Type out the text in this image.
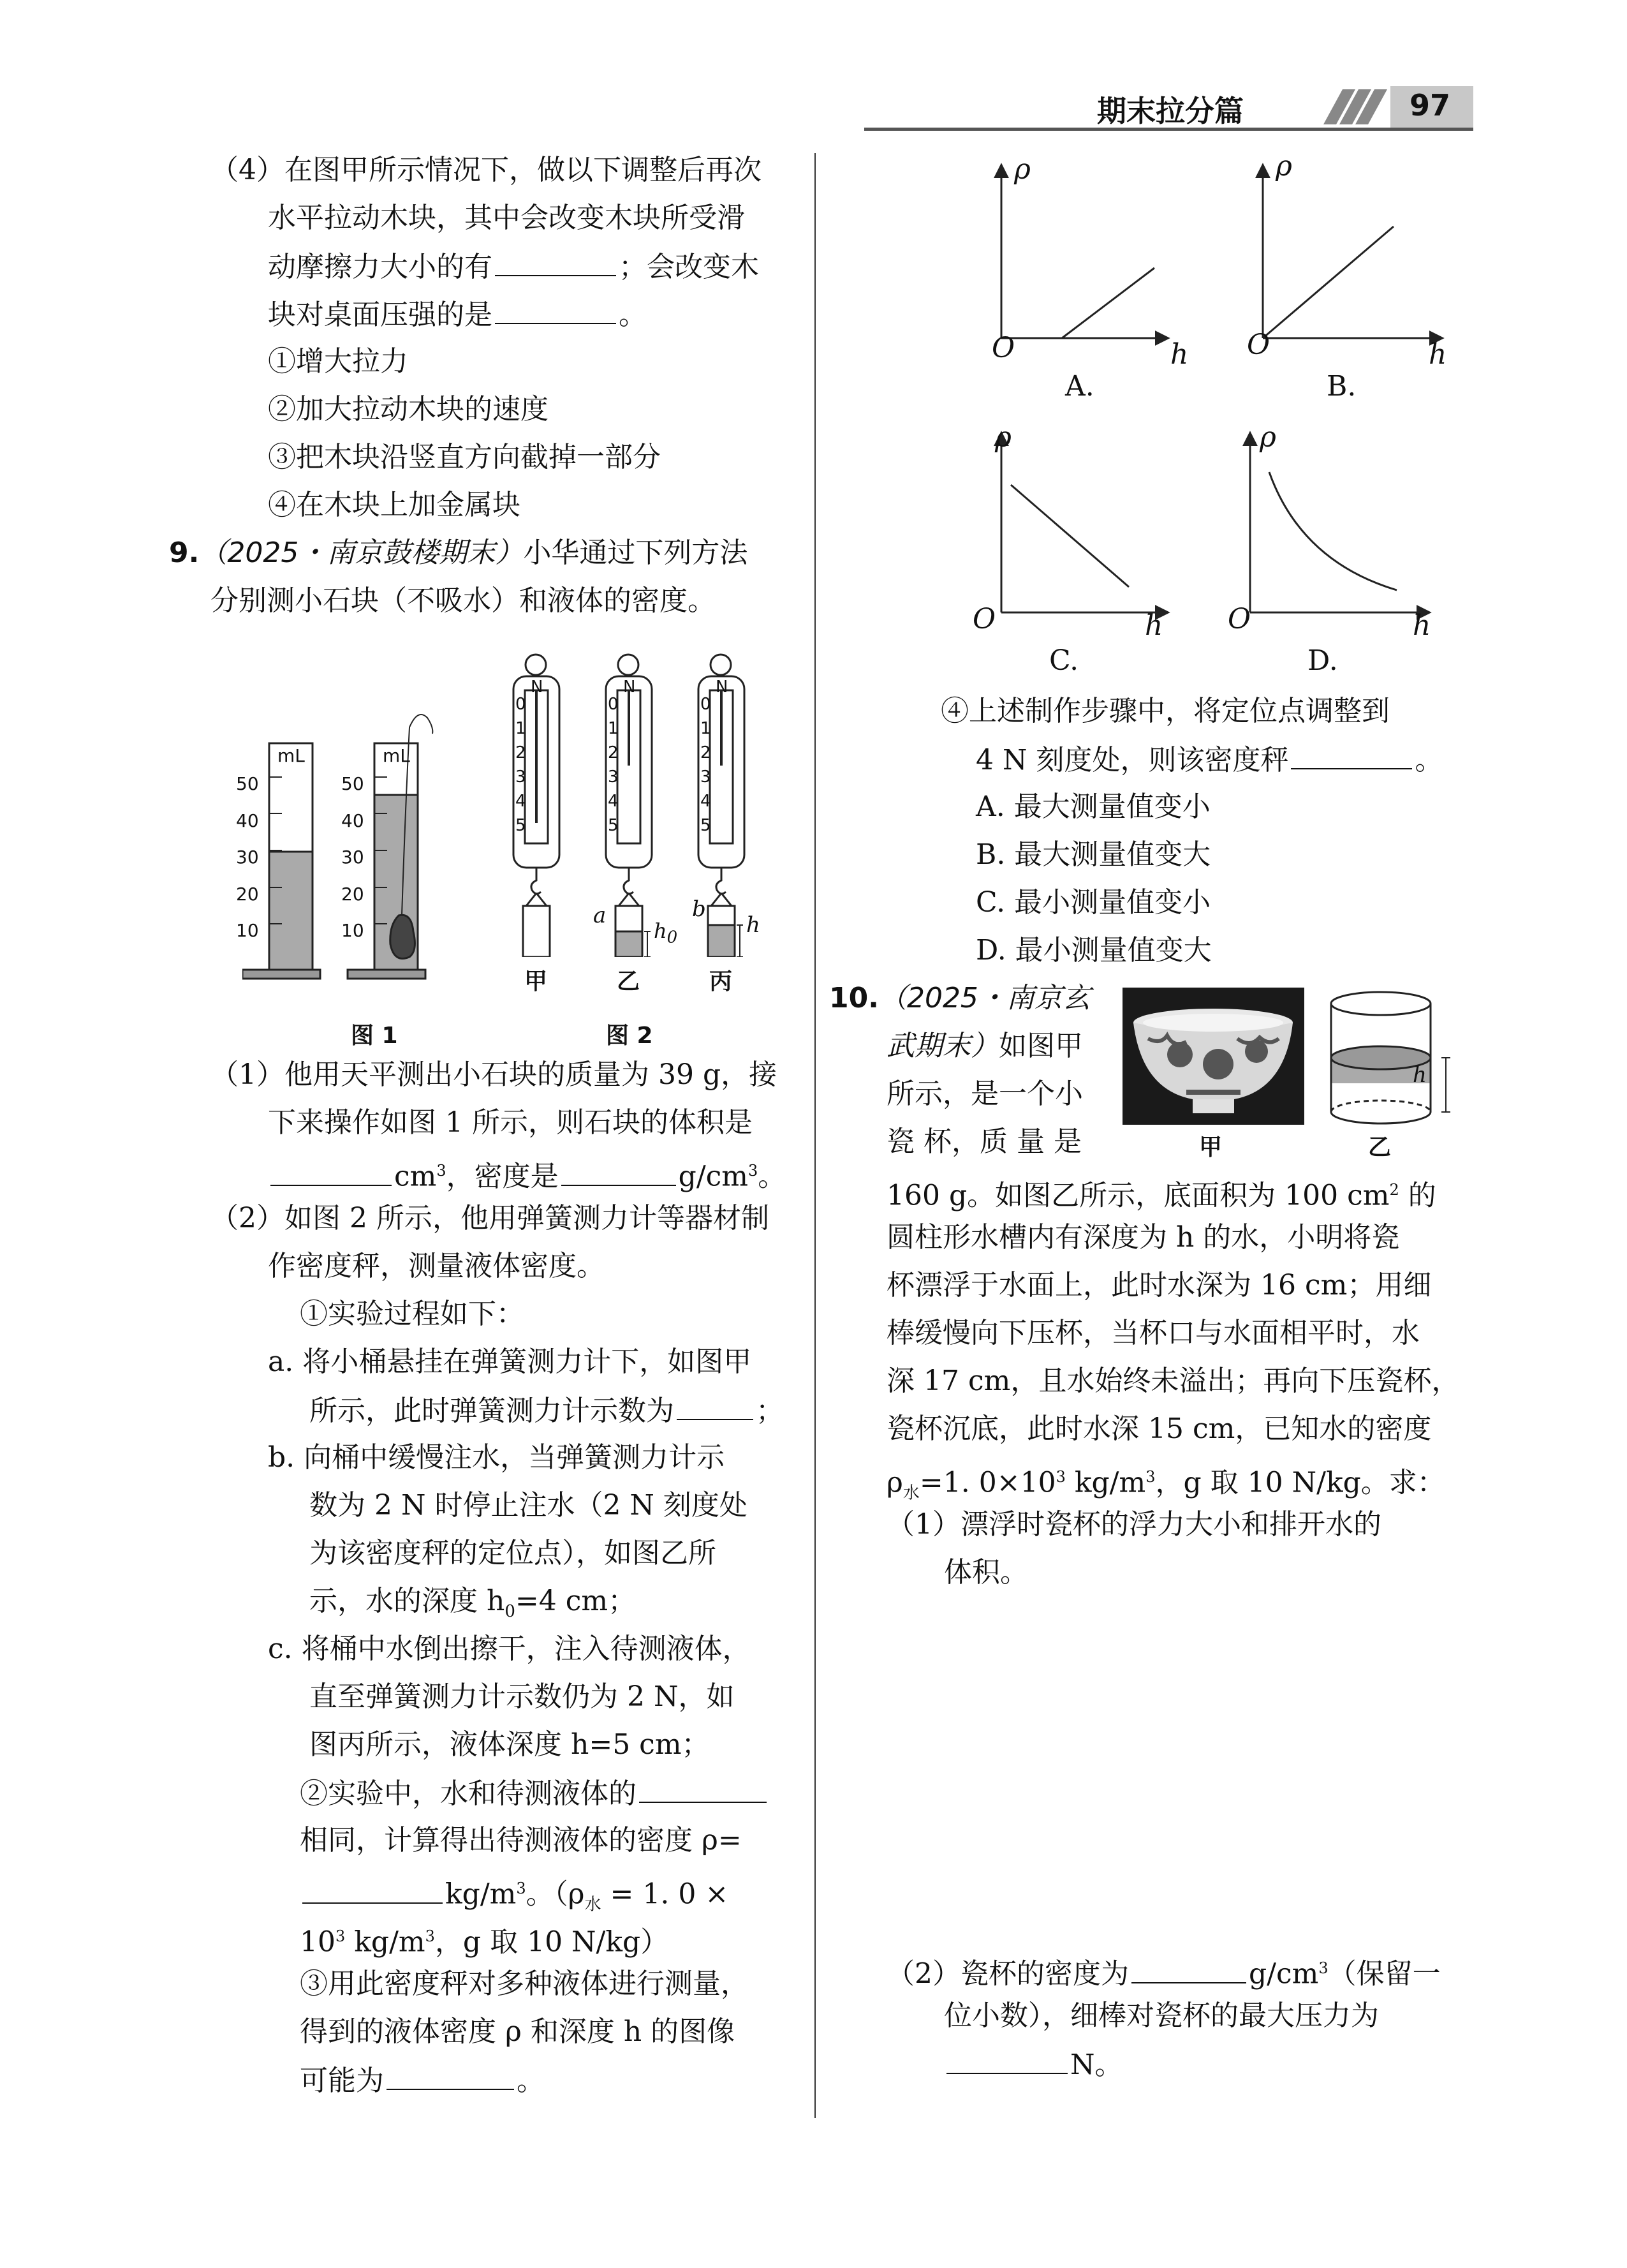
期末拉分篇	97
（4）在图甲所示情况下，做以下调整后再次
水平拉动木块，其中会改变木块所受滑
动摩擦力大小的有	；会改变木
块对桌面压强的是	。
①增大拉力
②加大拉动木块的速度
③把木块沿竖直方向截掉一部分
④在木块上加金属块
9.（2025・南京鼓楼期末）小华通过下列方法
分别测小石块（不吸水）和液体的密度。
mL	mL
50
40
30
20
10
50
40
30
20
10
图 1
N	N	N
0
1
2
3
4
5
0
1
2
3
4
5
0
1
2
3
4
5
a
$h_0$
b
h
甲	乙	丙
图 2
（1）他用天平测出小石块的质量为 39 g，接
下来操作如图 1 所示，则石块的体积是
$cm^3$，密度是	$g/cm^3$。
（2）如图 2 所示，他用弹簧测力计等器材制
作密度秤，测量液体密度。
①实验过程如下：
a. 将小桶悬挂在弹簧测力计下，如图甲
所示，此时弹簧测力计示数为	；
b. 向桶中缓慢注水，当弹簧测力计示
数为 2 N 时停止注水（2 N 刻度处
为该密度秤的定位点），如图乙所
示，水的深度 $h_0=4$ cm；
c. 将桶中水倒出擦干，注入待测液体，
直至弹簧测力计示数仍为 2 N，如
图丙所示，液体深度 h=5 cm；
②实验中，水和待测液体的
相同，计算得出待测液体的密度 ρ=
$kg/m^3$。（$\rho_水 = 1$. 0 ×
$10^3$ $kg/m^3$，g 取 10 N/kg）
③用此密度秤对多种液体进行测量，
得到的液体密度 ρ 和深度 h 的图像
可能为	。
ρ
O	h
A.
ρ
O	h
B.
ρ
O	h
C.
ρ
O	h
D.
④上述制作步骤中，将定位点调整到
4 N 刻度处，则该密度秤	。
A. 最大测量值变小
B. 最大测量值变大
C. 最小测量值变小
D. 最小测量值变大
10.（2025・南京玄
武期末）如图甲
所示，是一个小
瓷 杯，质 量 是
h
甲	乙
160 g。如图乙所示，底面积为 100 $cm^2$ 的
圆柱形水槽内有深度为 h 的水，小明将瓷
杯漂浮于水面上，此时水深为 16 cm；用细
棒缓慢向下压杯，当杯口与水面相平时，水
深 17 cm，且水始终未溢出；再向下压瓷杯，
瓷杯沉底，此时水深 15 cm，已知水的密度
$\rho_水=1$. $0\times 10^3$ $kg/m^3$，g 取 10 N/kg。求：
（1）漂浮时瓷杯的浮力大小和排开水的
体积。
（2）瓷杯的密度为	$g/cm^3$（保留一
位小数），细棒对瓷杯的最大压力为
N。
